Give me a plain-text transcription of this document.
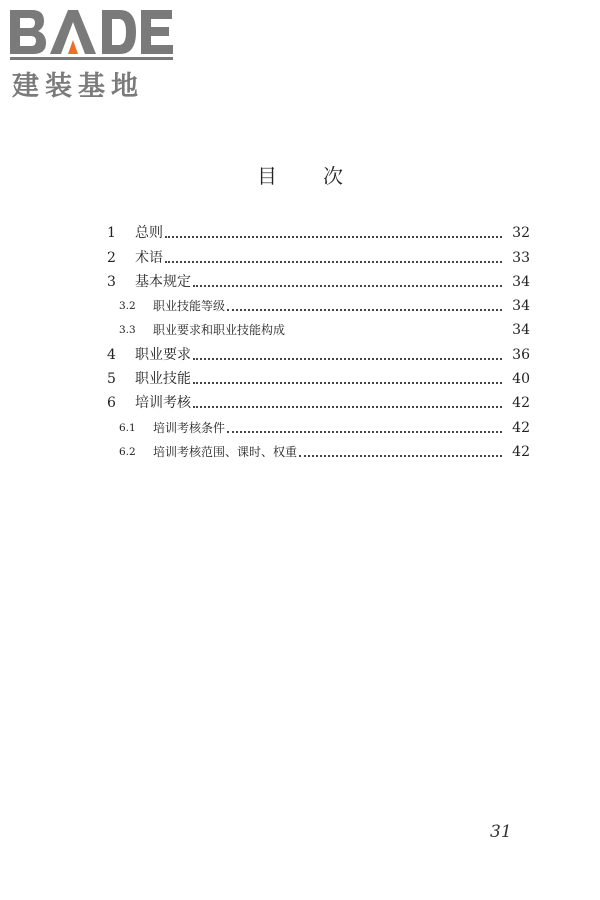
建装基地
目 次
1	总则	32
2	术语	33
3	基本规定	34
3.2	职业技能等级	34
3.3	职业要求和职业技能构成	34
4	职业要求	36
5	职业技能	40
6	培训考核	42
6.1	培训考核条件	42
6.2	培训考核范围、课时、权重	42
31
